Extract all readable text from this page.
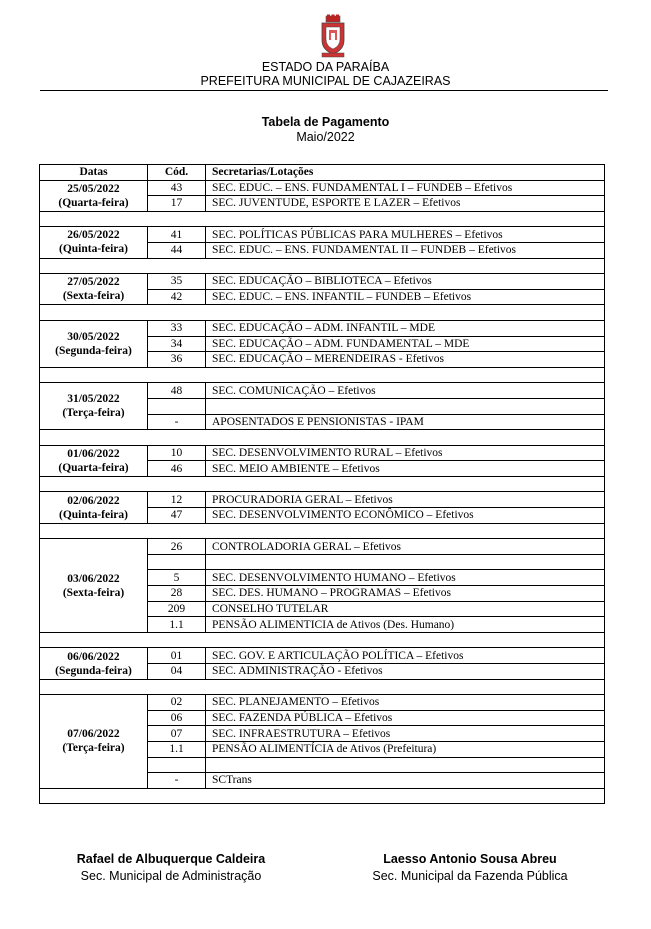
ESTADO DA PARAÍBA
PREFEITURA MUNICIPAL DE CAJAZEIRAS
Tabela de Pagamento
Maio/2022
Datas	Cód.	Secretarias/Lotações

25/05/2022
(Quarta-feira)	43	SEC. EDUC. – ENS. FUNDAMENTAL I – FUNDEB – Efetivos
	17	SEC. JUVENTUDE, ESPORTE E LAZER – Efetivos

26/05/2022
(Quinta-feira)	41	SEC. POLÍTICAS PÚBLICAS PARA MULHERES – Efetivos
	44	SEC. EDUC. – ENS. FUNDAMENTAL II – FUNDEB – Efetivos

27/05/2022
(Sexta-feira)	35	SEC. EDUCAÇÃO – BIBLIOTECA – Efetivos
	42	SEC. EDUC. – ENS. INFANTIL – FUNDEB – Efetivos

30/05/2022
(Segunda-feira)	33	SEC. EDUCAÇÃO – ADM. INFANTIL – MDE
	34	SEC. EDUCAÇÃO – ADM. FUNDAMENTAL – MDE
	36	SEC. EDUCAÇÃO – MERENDEIRAS - Efetivos

31/05/2022
(Terça-feira)	48	SEC. COMUNICAÇÃO – Efetivos

	-	APOSENTADOS E PENSIONISTAS - IPAM

01/06/2022
(Quarta-feira)	10	SEC. DESENVOLVIMENTO RURAL – Efetivos
	46	SEC. MEIO AMBIENTE – Efetivos

02/06/2022
(Quinta-feira)	12	PROCURADORIA GERAL – Efetivos
	47	SEC. DESENVOLVIMENTO ECONÔMICO – Efetivos

03/06/2022
(Sexta-feira)	26	CONTROLADORIA GERAL – Efetivos

	5	SEC. DESENVOLVIMENTO HUMANO – Efetivos
	28	SEC. DES. HUMANO – PROGRAMAS – Efetivos
	209	CONSELHO TUTELAR
	1.1	PENSÃO ALIMENTICIA de Ativos (Des. Humano)

06/06/2022
(Segunda-feira)	01	SEC. GOV. E ARTICULAÇÃO POLÍTICA – Efetivos
	04	SEC. ADMINISTRAÇÃO - Efetivos

07/06/2022
(Terça-feira)	02	SEC. PLANEJAMENTO – Efetivos
	06	SEC. FAZENDA PÚBLICA – Efetivos
	07	SEC. INFRAESTRUTURA – Efetivos
	1.1	PENSÃO ALIMENTÍCIA de Ativos (Prefeitura)

	-	SCTrans

Rafael de Albuquerque Caldeira
Sec. Municipal de Administração
Laesso Antonio Sousa Abreu
Sec. Municipal da Fazenda Pública
